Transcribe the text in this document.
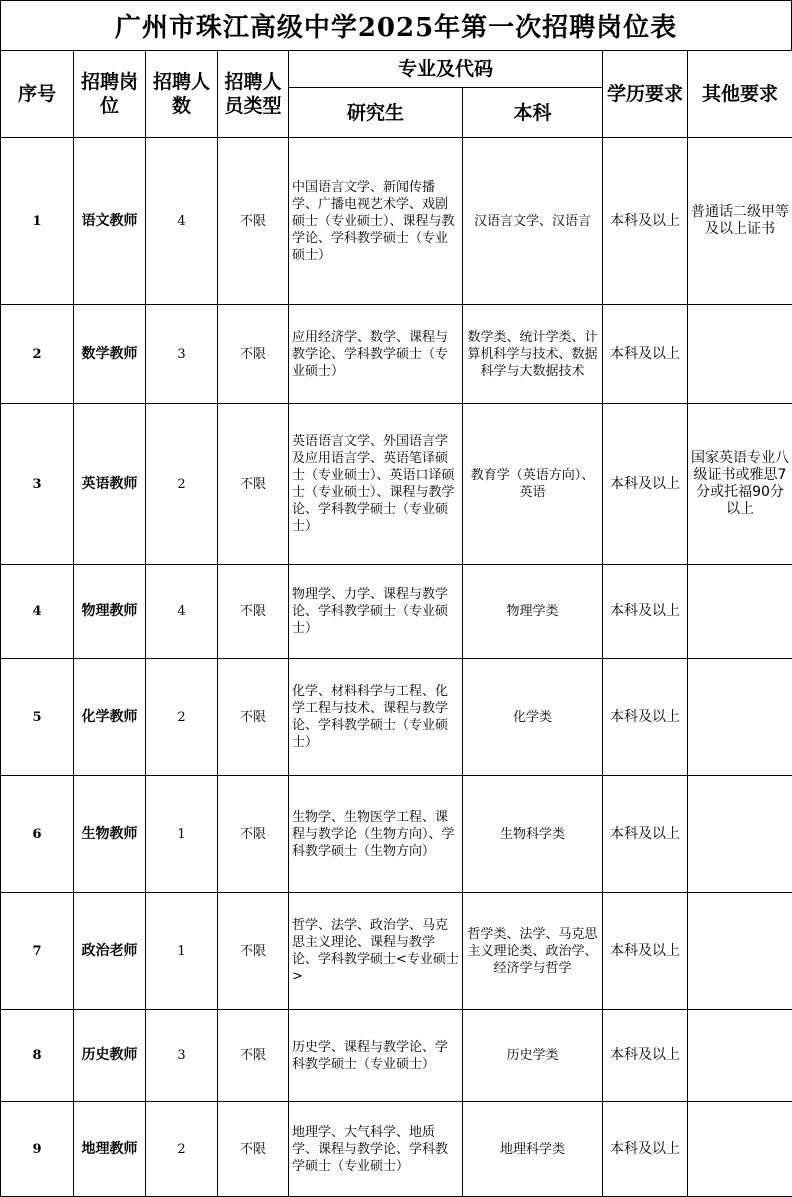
广州市珠江高级中学2025年第一次招聘岗位表
序号	招聘岗位	招聘人数	招聘人员类型	专业及代码		学历要求	其他要求
				研究生	本科		
1	语文教师	4	不限	中国语言文学、新闻传播学、广播电视艺术学、戏剧硕士（专业硕士）、课程与教学论、学科教学硕士（专业硕士）	汉语言文学、汉语言	本科及以上	普通话二级甲等及以上证书
2	数学教师	3	不限	应用经济学、数学、课程与教学论、学科教学硕士（专业硕士）	数学类、统计学类、计算机科学与技术、数据科学与大数据技术	本科及以上	
3	英语教师	2	不限	英语语言文学、外国语言学及应用语言学、英语笔译硕士（专业硕士）、英语口译硕士（专业硕士）、课程与教学论、学科教学硕士（专业硕士）	教育学（英语方向）、英语	本科及以上	国家英语专业八级证书或雅思7分或托福90分以上
4	物理教师	4	不限	物理学、力学、课程与教学论、学科教学硕士（专业硕士）	物理学类	本科及以上	
5	化学教师	2	不限	化学、材料科学与工程、化学工程与技术、课程与教学论、学科教学硕士（专业硕士）	化学类	本科及以上	
6	生物教师	1	不限	生物学、生物医学工程、课程与教学论（生物方向）、学科教学硕士（生物方向）	生物科学类	本科及以上	
7	政治老师	1	不限	哲学、法学、政治学、马克思主义理论、课程与教学论、学科教学硕士<专业硕士>	哲学类、法学、马克思主义理论类、政治学、经济学与哲学	本科及以上	
8	历史教师	3	不限	历史学、课程与教学论、学科教学硕士（专业硕士）	历史学类	本科及以上	
9	地理教师	2	不限	地理学、大气科学、地质学、课程与教学论、学科教学硕士（专业硕士）	地理科学类	本科及以上	
